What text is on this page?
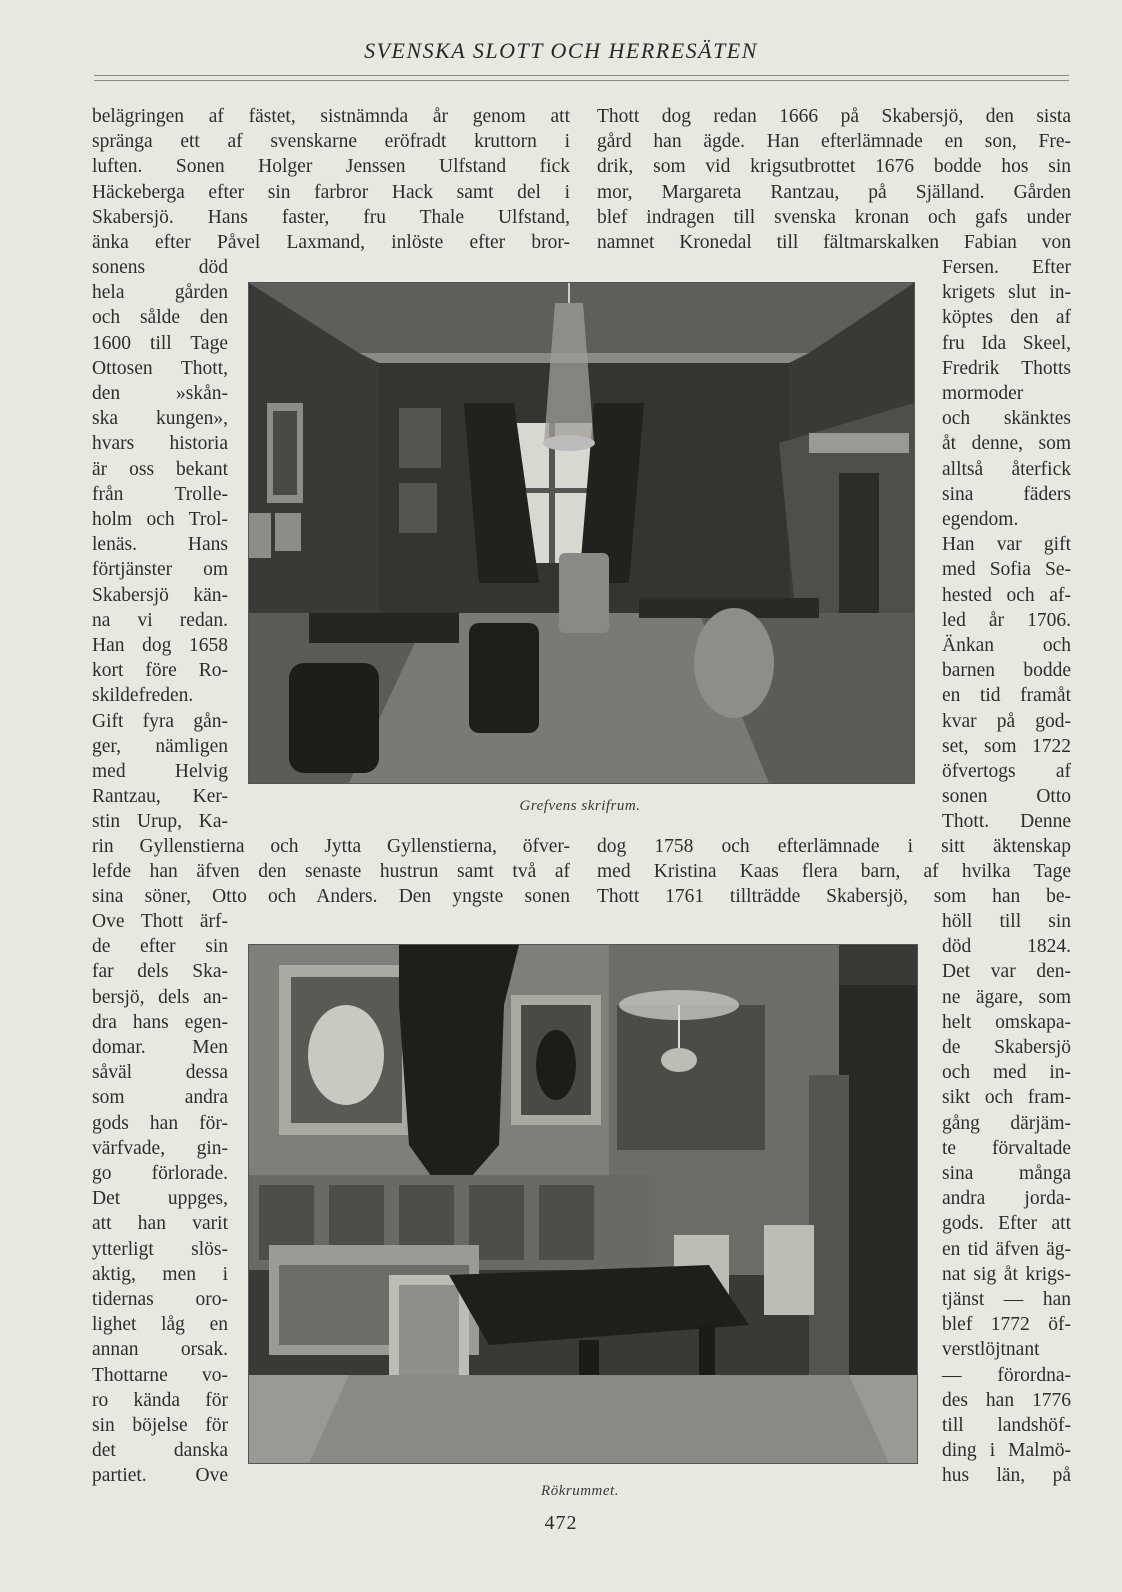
SVENSKA SLOTT OCH HERRESÄTEN
belägringen af fästet, sistnämnda år genom att
spränga ett af svenskarne eröfradt kruttorn i
luften. Sonen Holger Jenssen Ulfstand fick
Häckeberga efter sin farbror Hack samt del i
Skabersjö. Hans faster, fru Thale Ulfstand,
änka efter Påvel Laxmand, inlöste efter bror-
Thott dog redan 1666 på Skabersjö, den sista
gård han ägde. Han efterlämnade en son, Fre-
drik, som vid krigsutbrottet 1676 bodde hos sin
mor, Margareta Rantzau, på Själland. Gården
blef indragen till svenska kronan och gafs under
namnet Kronedal till fältmarskalken Fabian von
sonens död
hela gården
och sålde den
1600 till Tage
Ottosen Thott,
den »skån-
ska kungen»,
hvars historia
är oss bekant
från Trolle-
holm och Trol-
lenäs. Hans
förtjänster om
Skabersjö kän-
na vi redan.
Han dog 1658
kort före Ro-
skildefreden.
Gift fyra gån-
ger, nämligen
med Helvig
Rantzau, Ker-
stin Urup, Ka-
Fersen. Efter
krigets slut in-
köptes den af
fru Ida Skeel,
Fredrik Thotts
mormoder
och skänktes
åt denne, som
alltså återfick
sina fäders
egendom.
Han var gift
med Sofia Se-
hested och af-
led år 1706.
Änkan och
barnen bodde
en tid framåt
kvar på god-
set, som 1722
öfvertogs af
sonen Otto
Thott. Denne
Grefvens skrifrum.
rin Gyllenstierna och Jytta Gyllenstierna, öfver-
lefde han äfven den senaste hustrun samt två af
sina söner, Otto och Anders. Den yngste sonen
dog 1758 och efterlämnade i sitt äktenskap
med Kristina Kaas flera barn, af hvilka Tage
Thott 1761 tillträdde Skabersjö, som han be-
Ove Thott ärf-
de efter sin
far dels Ska-
bersjö, dels an-
dra hans egen-
domar. Men
såväl dessa
som andra
gods han för-
värfvade, gin-
go förlorade.
Det uppges,
att han varit
ytterligt slös-
aktig, men i
tidernas oro-
lighet låg en
annan orsak.
Thottarne vo-
ro kända för
sin böjelse för
det danska
partiet. Ove
höll till sin
död 1824.
Det var den-
ne ägare, som
helt omskapa-
de Skabersjö
och med in-
sikt och fram-
gång därjäm-
te förvaltade
sina många
andra jorda-
gods. Efter att
en tid äfven äg-
nat sig åt krigs-
tjänst — han
blef 1772 öf-
verstlöjtnant
— förordna-
des han 1776
till landshöf-
ding i Malmö-
hus län, på
Rökrummet.
472
